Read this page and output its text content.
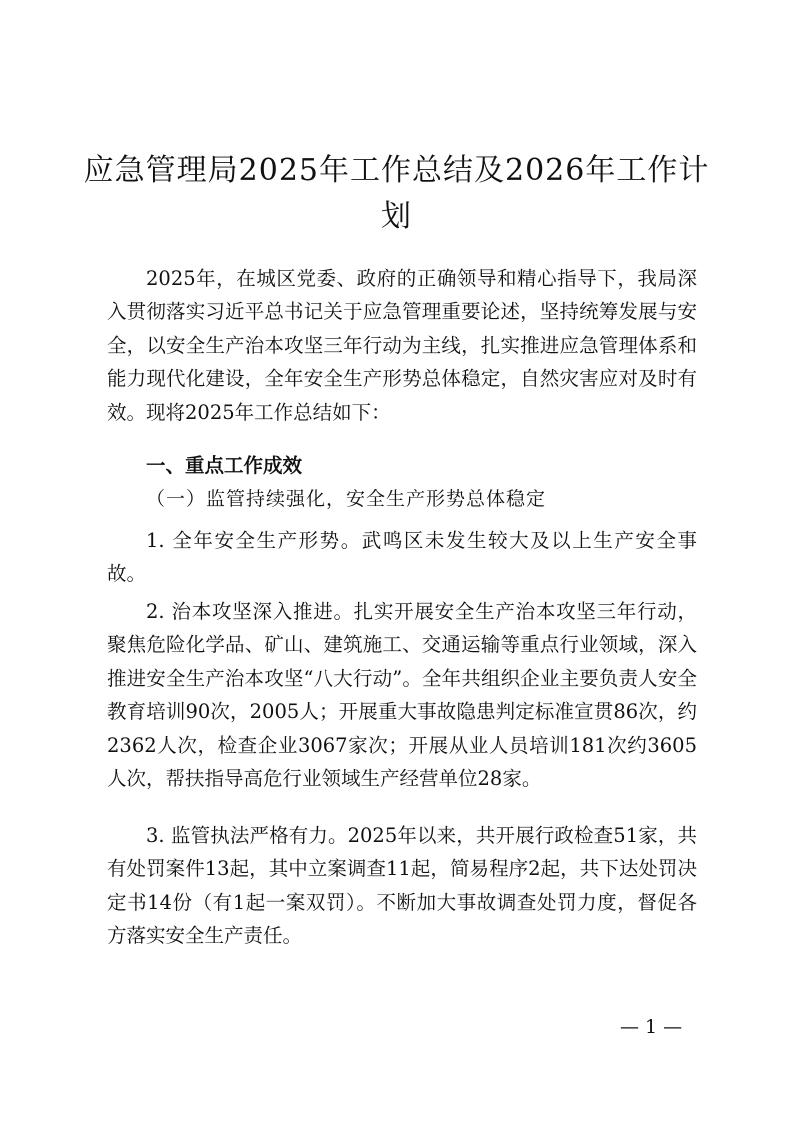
应急管理局2025年工作总结及2026年工作计
划

2025年，在城区党委、政府的正确领导和精心指导下，我局深入贯彻落实习近平总书记关于应急管理重要论述，坚持统筹发展与安全，以安全生产治本攻坚三年行动为主线，扎实推进应急管理体系和能力现代化建设，全年安全生产形势总体稳定，自然灾害应对及时有效。现将2025年工作总结如下：

一、重点工作成效
（一）监管持续强化，安全生产形势总体稳定

1. 全年安全生产形势。武鸣区未发生较大及以上生产安全事故。

2. 治本攻坚深入推进。扎实开展安全生产治本攻坚三年行动，聚焦危险化学品、矿山、建筑施工、交通运输等重点行业领域，深入推进安全生产治本攻坚“八大行动”。全年共组织企业主要负责人安全教育培训90次，2005人；开展重大事故隐患判定标准宣贯86次，约2362人次，检查企业3067家次；开展从业人员培训181次约3605人次，帮扶指导高危行业领域生产经营单位28家。

3. 监管执法严格有力。2025年以来，共开展行政检查51家，共有处罚案件13起，其中立案调查11起，简易程序2起，共下达处罚决定书14份（有1起一案双罚）。不断加大事故调查处罚力度，督促各方落实安全生产责任。

— 1 —
